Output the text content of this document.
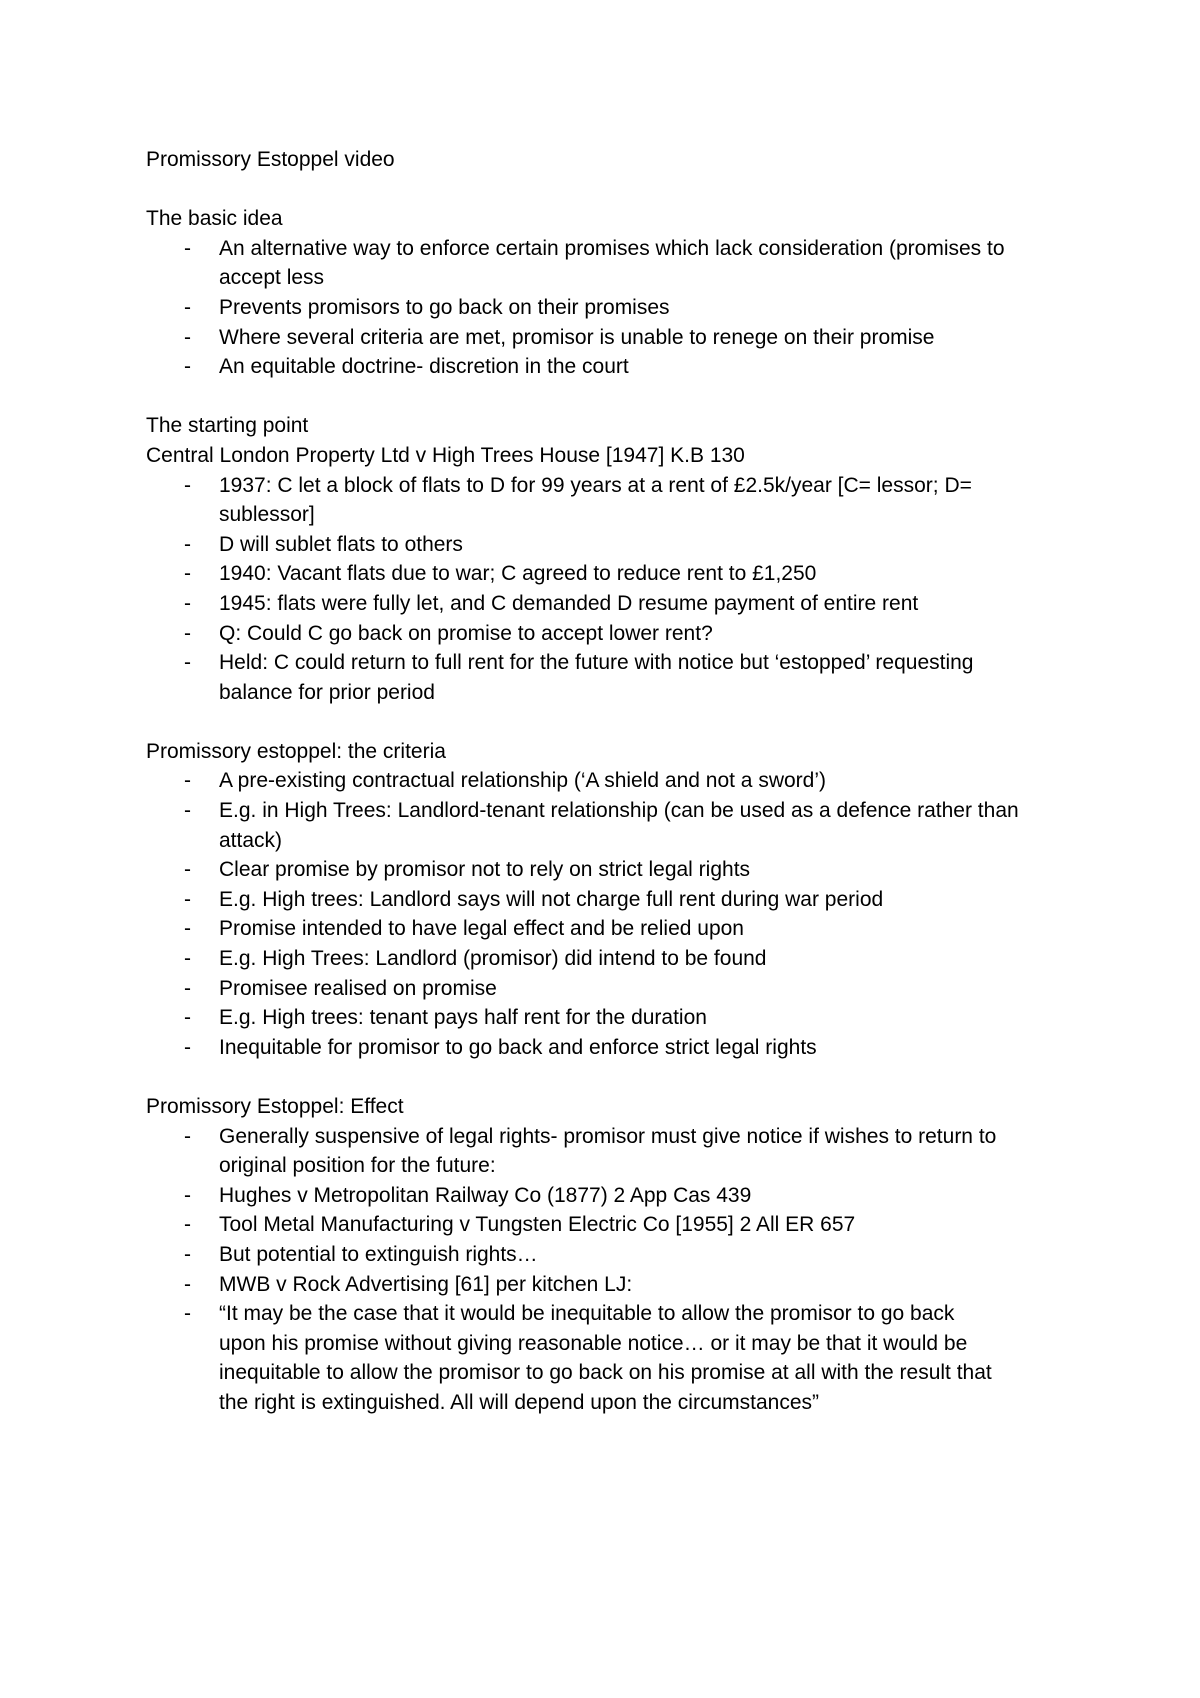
Promissory Estoppel video

The basic idea

- An alternative way to enforce certain promises which lack consideration (promises to
accept less
- Prevents promisors to go back on their promises
- Where several criteria are met, promisor is unable to renege on their promise
- An equitable doctrine- discretion in the court

The starting point

Central London Property Ltd v High Trees House [1947] K.B 130

- 1937: C let a block of flats to D for 99 years at a rent of £2.5k/year [C= lessor; D=
sublessor]
- D will sublet flats to others
- 1940: Vacant flats due to war; C agreed to reduce rent to £1,250
- 1945: flats were fully let, and C demanded D resume payment of entire rent
- Q: Could C go back on promise to accept lower rent?
- Held: C could return to full rent for the future with notice but ‘estopped’ requesting
balance for prior period

Promissory estoppel: the criteria

- A pre-existing contractual relationship (‘A shield and not a sword’)
- E.g. in High Trees: Landlord-tenant relationship (can be used as a defence rather than
attack)
- Clear promise by promisor not to rely on strict legal rights
- E.g. High trees: Landlord says will not charge full rent during war period
- Promise intended to have legal effect and be relied upon
- E.g. High Trees: Landlord (promisor) did intend to be found
- Promisee realised on promise
- E.g. High trees: tenant pays half rent for the duration
- Inequitable for promisor to go back and enforce strict legal rights

Promissory Estoppel: Effect

- Generally suspensive of legal rights- promisor must give notice if wishes to return to
original position for the future:
- Hughes v Metropolitan Railway Co (1877) 2 App Cas 439
- Tool Metal Manufacturing v Tungsten Electric Co [1955] 2 All ER 657
- But potential to extinguish rights…
- MWB v Rock Advertising [61] per kitchen LJ:
- “It may be the case that it would be inequitable to allow the promisor to go back
upon his promise without giving reasonable notice… or it may be that it would be
inequitable to allow the promisor to go back on his promise at all with the result that
the right is extinguished. All will depend upon the circumstances”
